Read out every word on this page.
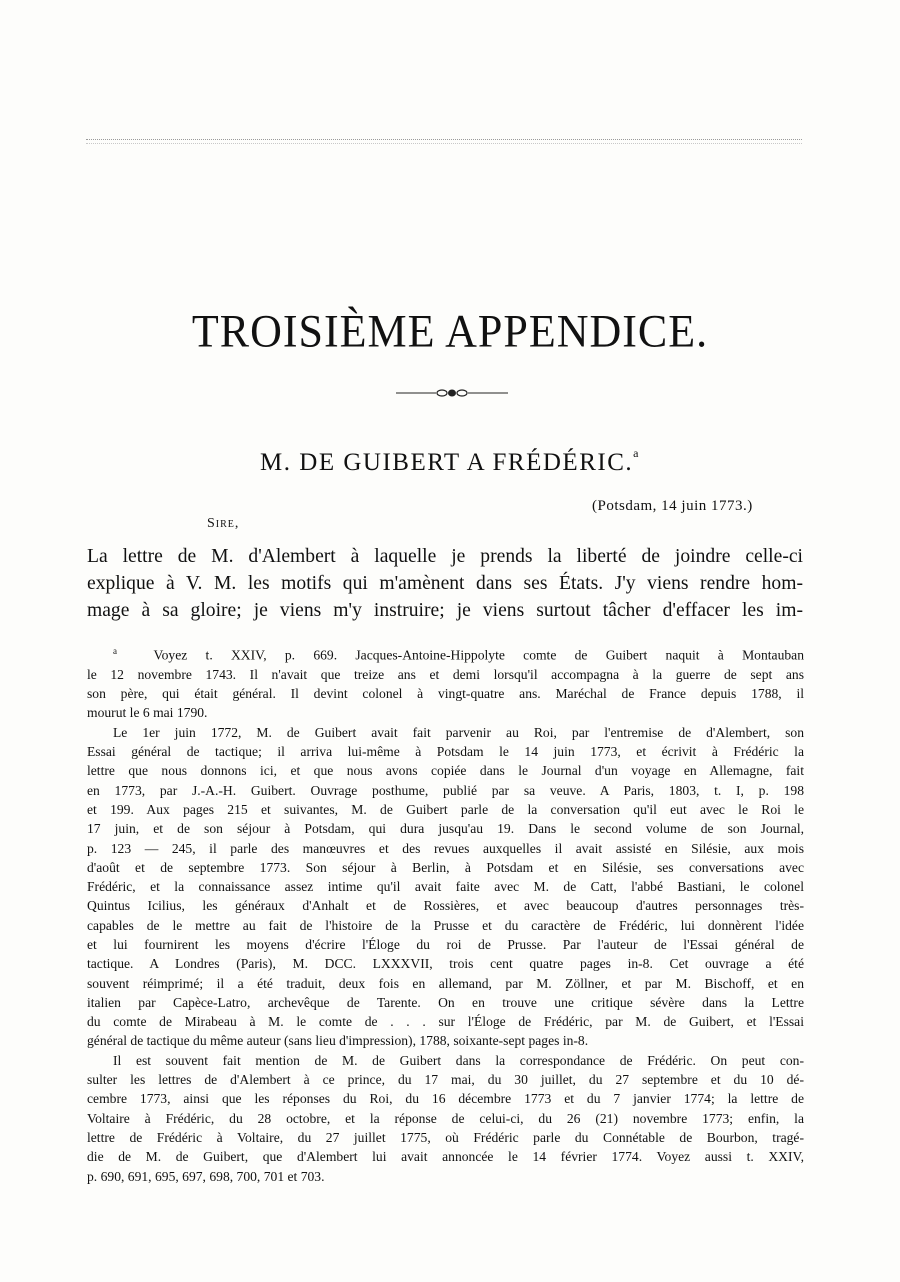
TROISIÈME APPENDICE.
M. DE GUIBERT A FRÉDÉRIC.$^a$
(Potsdam, 14 juin 1773.)
Sire,
La lettre de M. d'Alembert à laquelle je prends la liberté de joindre celle-ci
explique à V. M. les motifs qui m'amènent dans ses États. J'y viens rendre hom-
mage à sa gloire; je viens m'y instruire; je viens surtout tâcher d'effacer les im-
$^a$	Voyez t. XXIV, p. 669. Jacques-Antoine-Hippolyte comte de Guibert naquit à Montauban
le 12 novembre 1743. Il n'avait que treize ans et demi lorsqu'il accompagna à la guerre de sept ans
son père, qui était général. Il devint colonel à vingt-quatre ans. Maréchal de France depuis 1788, il
mourut le 6 mai 1790.
Le 1er juin 1772, M. de Guibert avait fait parvenir au Roi, par l'entremise de d'Alembert, son
Essai général de tactique; il arriva lui-même à Potsdam le 14 juin 1773, et écrivit à Frédéric la
lettre que nous donnons ici, et que nous avons copiée dans le Journal d'un voyage en Allemagne, fait
en 1773, par J.-A.-H. Guibert. Ouvrage posthume, publié par sa veuve. A Paris, 1803, t. I, p. 198
et 199. Aux pages 215 et suivantes, M. de Guibert parle de la conversation qu'il eut avec le Roi le
17 juin, et de son séjour à Potsdam, qui dura jusqu'au 19. Dans le second volume de son Journal,
p. 123 — 245, il parle des manœuvres et des revues auxquelles il avait assisté en Silésie, aux mois
d'août et de septembre 1773. Son séjour à Berlin, à Potsdam et en Silésie, ses conversations avec
Frédéric, et la connaissance assez intime qu'il avait faite avec M. de Catt, l'abbé Bastiani, le colonel
Quintus Icilius, les généraux d'Anhalt et de Rossières, et avec beaucoup d'autres personnages très-
capables de le mettre au fait de l'histoire de la Prusse et du caractère de Frédéric, lui donnèrent l'idée
et lui fournirent les moyens d'écrire l'Éloge du roi de Prusse. Par l'auteur de l'Essai général de
tactique. A Londres (Paris), M. DCC. LXXXVII, trois cent quatre pages in-8. Cet ouvrage a été
souvent réimprimé; il a été traduit, deux fois en allemand, par M. Zöllner, et par M. Bischoff, et en
italien par Capèce-Latro, archevêque de Tarente. On en trouve une critique sévère dans la Lettre
du comte de Mirabeau à M. le comte de . . . sur l'Éloge de Frédéric, par M. de Guibert, et l'Essai
général de tactique du même auteur (sans lieu d'impression), 1788, soixante-sept pages in-8.
Il est souvent fait mention de M. de Guibert dans la correspondance de Frédéric. On peut con-
sulter les lettres de d'Alembert à ce prince, du 17 mai, du 30 juillet, du 27 septembre et du 10 dé-
cembre 1773, ainsi que les réponses du Roi, du 16 décembre 1773 et du 7 janvier 1774; la lettre de
Voltaire à Frédéric, du 28 octobre, et la réponse de celui-ci, du 26 (21) novembre 1773; enfin, la
lettre de Frédéric à Voltaire, du 27 juillet 1775, où Frédéric parle du Connétable de Bourbon, tragé-
die de M. de Guibert, que d'Alembert lui avait annoncée le 14 février 1774. Voyez aussi t. XXIV,
p. 690, 691, 695, 697, 698, 700, 701 et 703.
